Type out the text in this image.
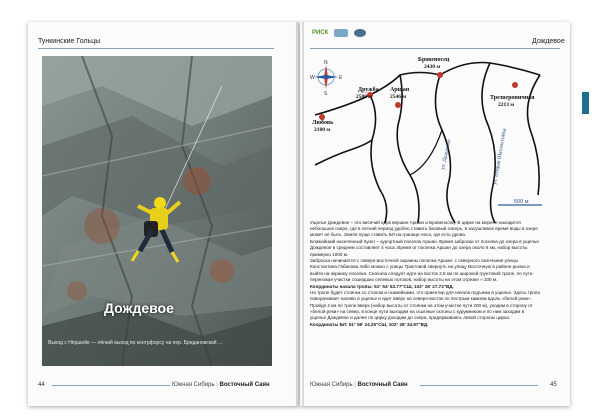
Тункинские Гольцы
Дождевое
Выход с Нёршейе — лёгкий выход по контрфорсу на пер. Бредановский …
44	Южная Сибирь | Восточный Саян
РИСК
Дождевое
N
S
E
W
Бровеносец
2430 м
Аршан
2546 м
Дружба
2500 м
Любовь
2100 м
Трезвероничная
2213 м
ул. Дождевое	ул. Вторая Шахтостойка
500 м

Ущелье Дождевое – это висячий цирк вершин Аршан и Бровеносец. В цирке на морене находится небольшое озеро, где в летний период удобно ставить базовый лагерь, в засушливое время воды в озере может не быть. Земля пуще ставить БЛ на границе леса, где есть дрова.

Ближайший населенный пункт – курортный поселок Аршан. Время заброски от поселка до озера в ущелье Дождевое в среднем составляет 4 часа. Время от поселка Аршан до озера около 8 км, набор высоты примерно 1000 м.

Заброска начинается с северо-восточной окраины поселка Аршан: с северного окончания улицы Константина Габанова либо можно с улицы Трактовой свернуть на улицу Восточную в районе рынка и выйти на окраину поселка. Сначала следует идти на восток 2,5 км по широкой грунтовой тропе, по пути переезжая участки сошедших селевых потоков, набор высоты на этом отрезке ≈ 100 м.

Координаты начала тропы: 51° 54' 53.77"СШ, 102° 26' 27.72"ВД.

На тропе будет стоянка со столом и скамейками, это ориентир для начала подъема в ущелье. Здесь тропа поворачивает налево в ущелье и идет вверх на северо-восток по пестрым камням вдоль «белой реки». Пройдя 2 км по тропе вверх (набор высоты от стоянки на этом участке пути 200 м), уходим в сторону от «белой реки» на север, в конце пути выходим на осыпные склоны с курумником и по ним заходим в ущелье Дождевое и далее по цирку доходим до озера, придерживаясь левой стороны цирка.

Координаты БЛ: 51° 56' 24.25"СШ, 102° 28' 34.97"ВД.

Южная Сибирь | Восточный Саян	45
